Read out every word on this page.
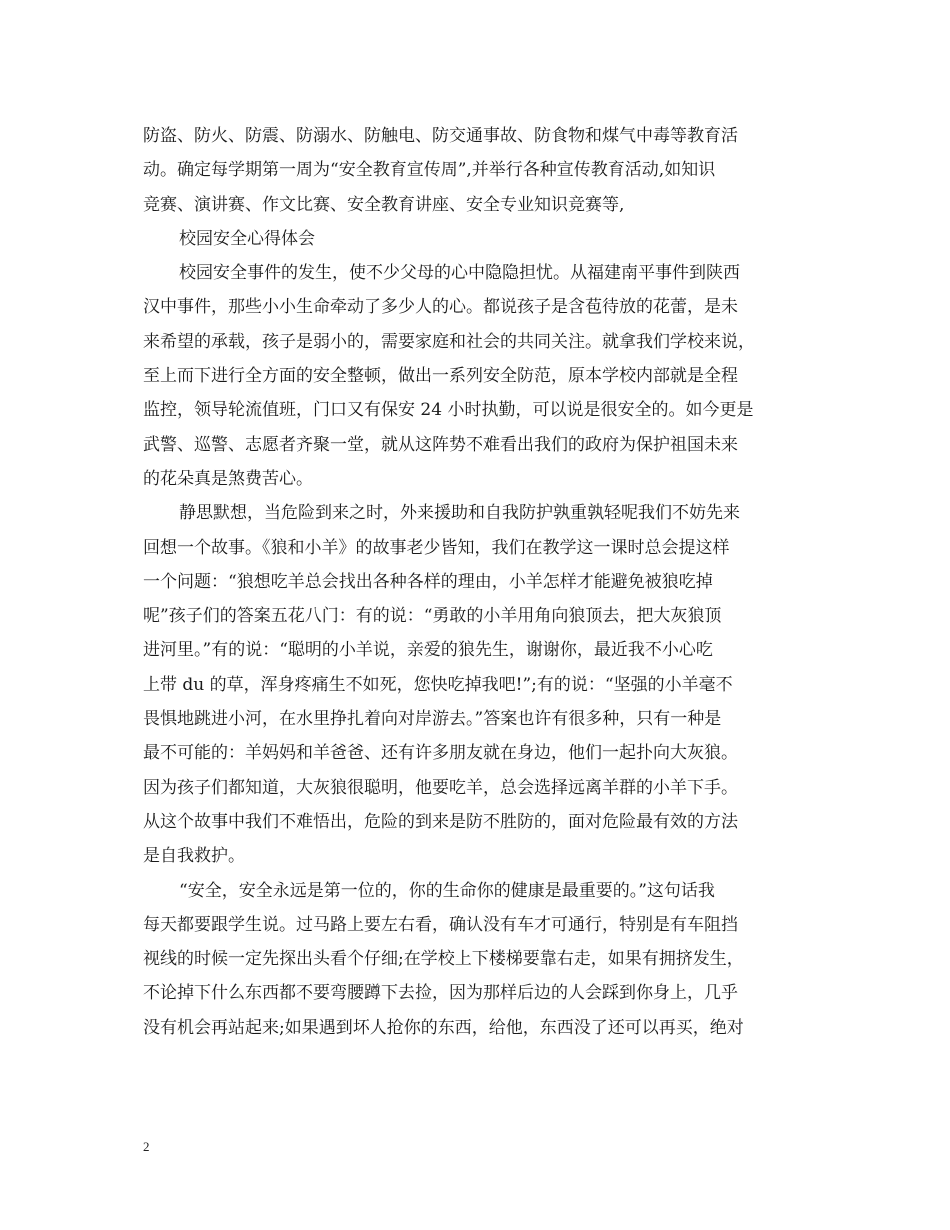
防盗、防火、防震、防溺水、防触电、防交通事故、防食物和煤气中毒等教育活
动。确定每学期第一周为“安全教育宣传周”,并举行各种宣传教育活动,如知识
竞赛、演讲赛、作文比赛、安全教育讲座、安全专业知识竞赛等,
校园安全心得体会
校园安全事件的发生，使不少父母的心中隐隐担忧。从福建南平事件到陕西
汉中事件，那些小小生命牵动了多少人的心。都说孩子是含苞待放的花蕾，是未
来希望的承载，孩子是弱小的，需要家庭和社会的共同关注。就拿我们学校来说，
至上而下进行全方面的安全整顿，做出一系列安全防范，原本学校内部就是全程
监控，领导轮流值班，门口又有保安 24 小时执勤，可以说是很安全的。如今更是
武警、巡警、志愿者齐聚一堂，就从这阵势不难看出我们的政府为保护祖国未来
的花朵真是煞费苦心。
静思默想，当危险到来之时，外来援助和自我防护孰重孰轻呢我们不妨先来
回想一个故事。《狼和小羊》的故事老少皆知，我们在教学这一课时总会提这样
一个问题：“狼想吃羊总会找出各种各样的理由，小羊怎样才能避免被狼吃掉
呢”孩子们的答案五花八门：有的说：“勇敢的小羊用角向狼顶去，把大灰狼顶
进河里。”有的说：“聪明的小羊说，亲爱的狼先生，谢谢你，最近我不小心吃
上带 du 的草，浑身疼痛生不如死，您快吃掉我吧!”;有的说：“坚强的小羊毫不
畏惧地跳进小河，在水里挣扎着向对岸游去。”答案也许有很多种，只有一种是
最不可能的：羊妈妈和羊爸爸、还有许多朋友就在身边，他们一起扑向大灰狼。
因为孩子们都知道，大灰狼很聪明，他要吃羊，总会选择远离羊群的小羊下手。
从这个故事中我们不难悟出，危险的到来是防不胜防的，面对危险最有效的方法
是自我救护。
“安全，安全永远是第一位的，你的生命你的健康是最重要的。”这句话我
每天都要跟学生说。过马路上要左右看，确认没有车才可通行，特别是有车阻挡
视线的时候一定先探出头看个仔细;在学校上下楼梯要靠右走，如果有拥挤发生，
不论掉下什么东西都不要弯腰蹲下去捡，因为那样后边的人会踩到你身上，几乎
没有机会再站起来;如果遇到坏人抢你的东西，给他，东西没了还可以再买，绝对
2
